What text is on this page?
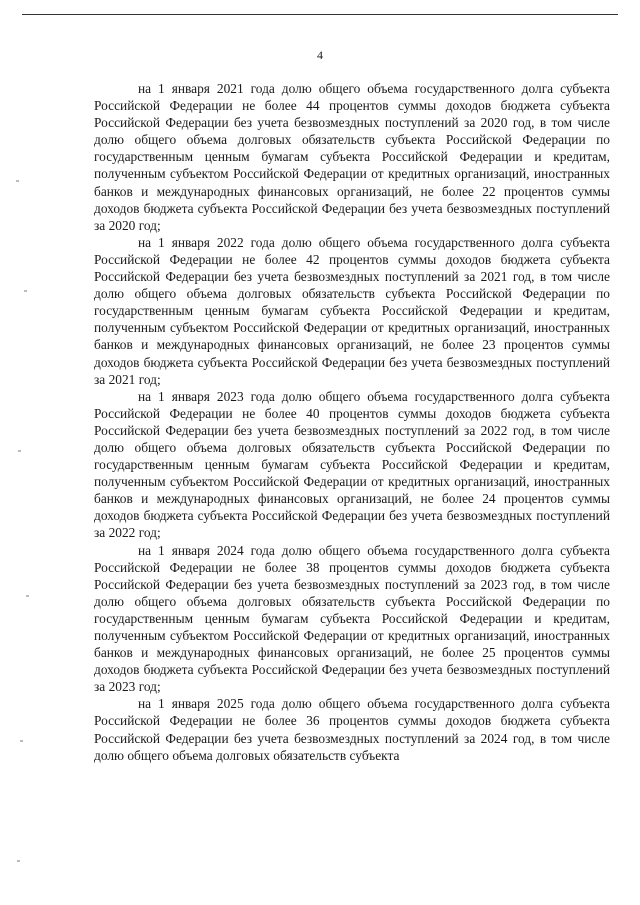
4

на 1 января 2021 года долю общего объема государственного долга субъекта Российской Федерации не более 44 процентов суммы доходов бюджета субъекта Российской Федерации без учета безвозмездных поступлений за 2020 год, в том числе долю общего объема долговых обязательств субъекта Российской Федерации по государственным ценным бумагам субъекта Российской Федерации и кредитам, полученным субъектом Российской Федерации от кредитных организаций, иностранных банков и международных финансовых организаций, не более 22 процентов суммы доходов бюджета субъекта Российской Федерации без учета безвозмездных поступлений за 2020 год;

на 1 января 2022 года долю общего объема государственного долга субъекта Российской Федерации не более 42 процентов суммы доходов бюджета субъекта Российской Федерации без учета безвозмездных поступлений за 2021 год, в том числе долю общего объема долговых обязательств субъекта Российской Федерации по государственным ценным бумагам субъекта Российской Федерации и кредитам, полученным субъектом Российской Федерации от кредитных организаций, иностранных банков и международных финансовых организаций, не более 23 процентов суммы доходов бюджета субъекта Российской Федерации без учета безвозмездных поступлений за 2021 год;

на 1 января 2023 года долю общего объема государственного долга субъекта Российской Федерации не более 40 процентов суммы доходов бюджета субъекта Российской Федерации без учета безвозмездных поступлений за 2022 год, в том числе долю общего объема долговых обязательств субъекта Российской Федерации по государственным ценным бумагам субъекта Российской Федерации и кредитам, полученным субъектом Российской Федерации от кредитных организаций, иностранных банков и международных финансовых организаций, не более 24 процентов суммы доходов бюджета субъекта Российской Федерации без учета безвозмездных поступлений за 2022 год;

на 1 января 2024 года долю общего объема государственного долга субъекта Российской Федерации не более 38 процентов суммы доходов бюджета субъекта Российской Федерации без учета безвозмездных поступлений за 2023 год, в том числе долю общего объема долговых обязательств субъекта Российской Федерации по государственным ценным бумагам субъекта Российской Федерации и кредитам, полученным субъектом Российской Федерации от кредитных организаций, иностранных банков и международных финансовых организаций, не более 25 процентов суммы доходов бюджета субъекта Российской Федерации без учета безвозмездных поступлений за 2023 год;

на 1 января 2025 года долю общего объема государственного долга субъекта Российской Федерации не более 36 процентов суммы доходов бюджета субъекта Российской Федерации без учета безвозмездных поступлений за 2024 год, в том числе долю общего объема долговых обязательств субъекта
